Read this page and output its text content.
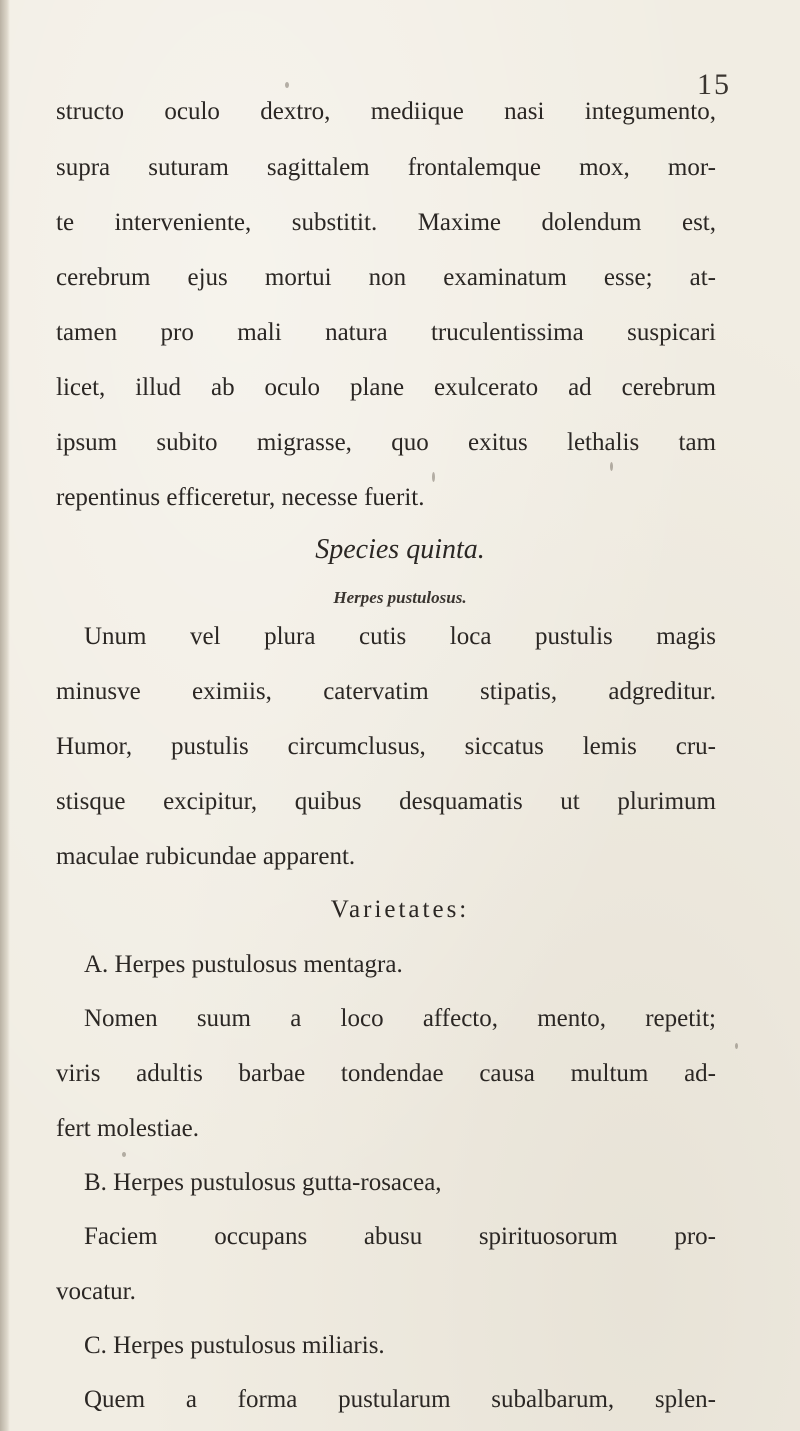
15
structo oculo dextro, mediique nasi integumento,
supra suturam sagittalem frontalemque mox, mor-
te interveniente, substitit. Maxime dolendum est,
cerebrum ejus mortui non examinatum esse; at-
tamen pro mali natura truculentissima suspicari
licet, illud ab oculo plane exulcerato ad cerebrum
ipsum subito migrasse, quo exitus lethalis tam
repentinus efficeretur, necesse fuerit.
Species quinta.
Herpes pustulosus.
Unum vel plura cutis loca pustulis magis
minusve eximiis, catervatim stipatis, adgreditur.
Humor, pustulis circumclusus, siccatus lemis cru-
stisque excipitur, quibus desquamatis ut plurimum
maculae rubicundae apparent.
Varietates:
A. Herpes pustulosus mentagra.
Nomen suum a loco affecto, mento, repetit;
viris adultis barbae tondendae causa multum ad-
fert molestiae.
B. Herpes pustulosus gutta-rosacea,
Faciem occupans abusu spirituosorum pro-
vocatur.
C. Herpes pustulosus miliaris.
Quem a forma pustularum subalbarum, splen-
